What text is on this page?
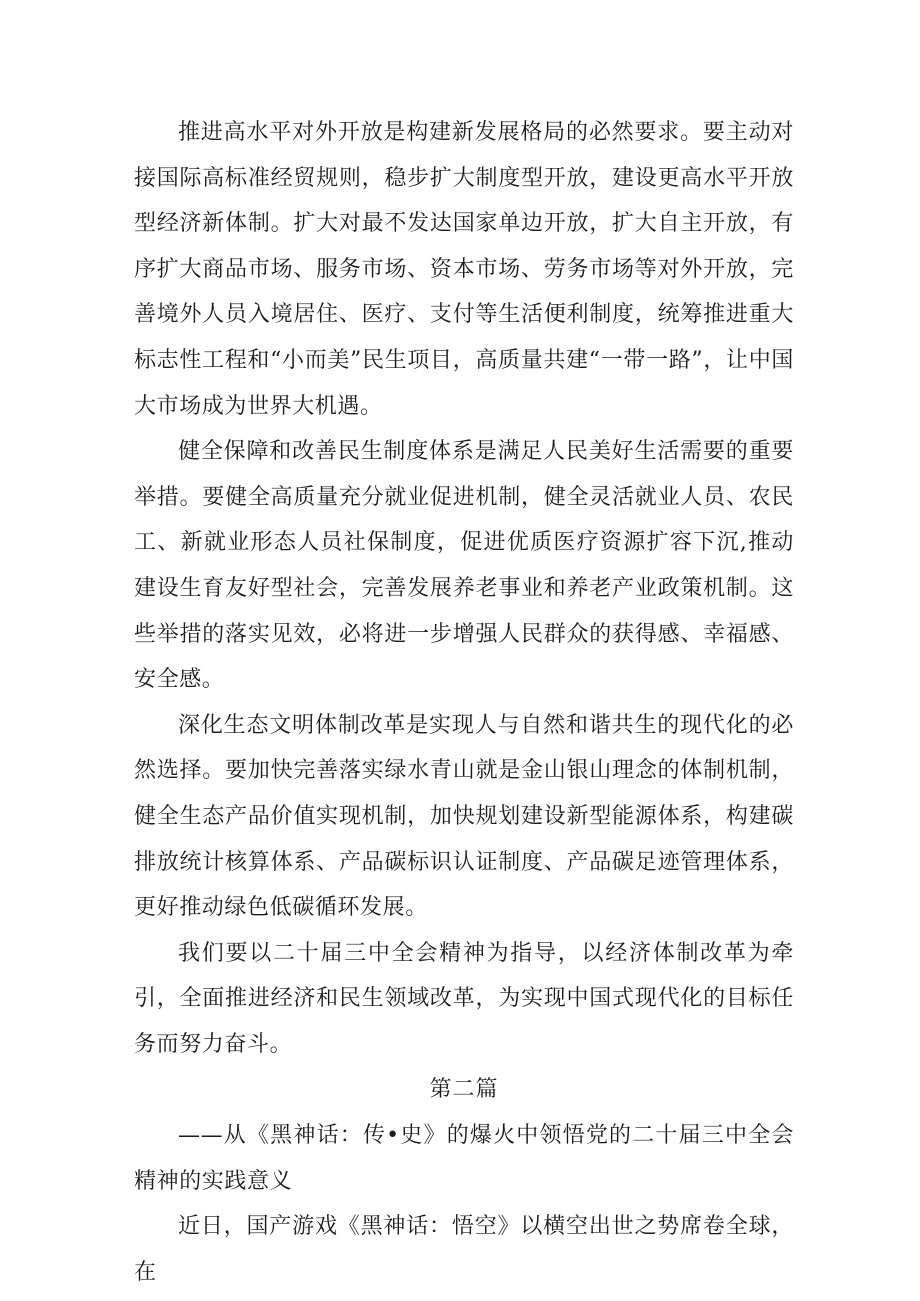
推进高水平对外开放是构建新发展格局的必然要求。要主动对接国际高标准经贸规则，稳步扩大制度型开放，建设更高水平开放型经济新体制。扩大对最不发达国家单边开放，扩大自主开放，有序扩大商品市场、服务市场、资本市场、劳务市场等对外开放，完善境外人员入境居住、医疗、支付等生活便利制度，统筹推进重大标志性工程和“小而美”民生项目，高质量共建“一带一路”，让中国大市场成为世界大机遇。

健全保障和改善民生制度体系是满足人民美好生活需要的重要举措。要健全高质量充分就业促进机制，健全灵活就业人员、农民工、新就业形态人员社保制度，促进优质医疗资源扩容下沉,推动建设生育友好型社会，完善发展养老事业和养老产业政策机制。这些举措的落实见效，必将进一步增强人民群众的获得感、幸福感、安全感。

深化生态文明体制改革是实现人与自然和谐共生的现代化的必然选择。要加快完善落实绿水青山就是金山银山理念的体制机制，健全生态产品价值实现机制，加快规划建设新型能源体系，构建碳排放统计核算体系、产品碳标识认证制度、产品碳足迹管理体系，更好推动绿色低碳循环发展。

我们要以二十届三中全会精神为指导，以经济体制改革为牵引，全面推进经济和民生领域改革，为实现中国式现代化的目标任务而努力奋斗。

第二篇

——从《黑神话：传•史》的爆火中领悟党的二十届三中全会精神的实践意义

近日，国产游戏《黑神话：悟空》以横空出世之势席卷全球，在
